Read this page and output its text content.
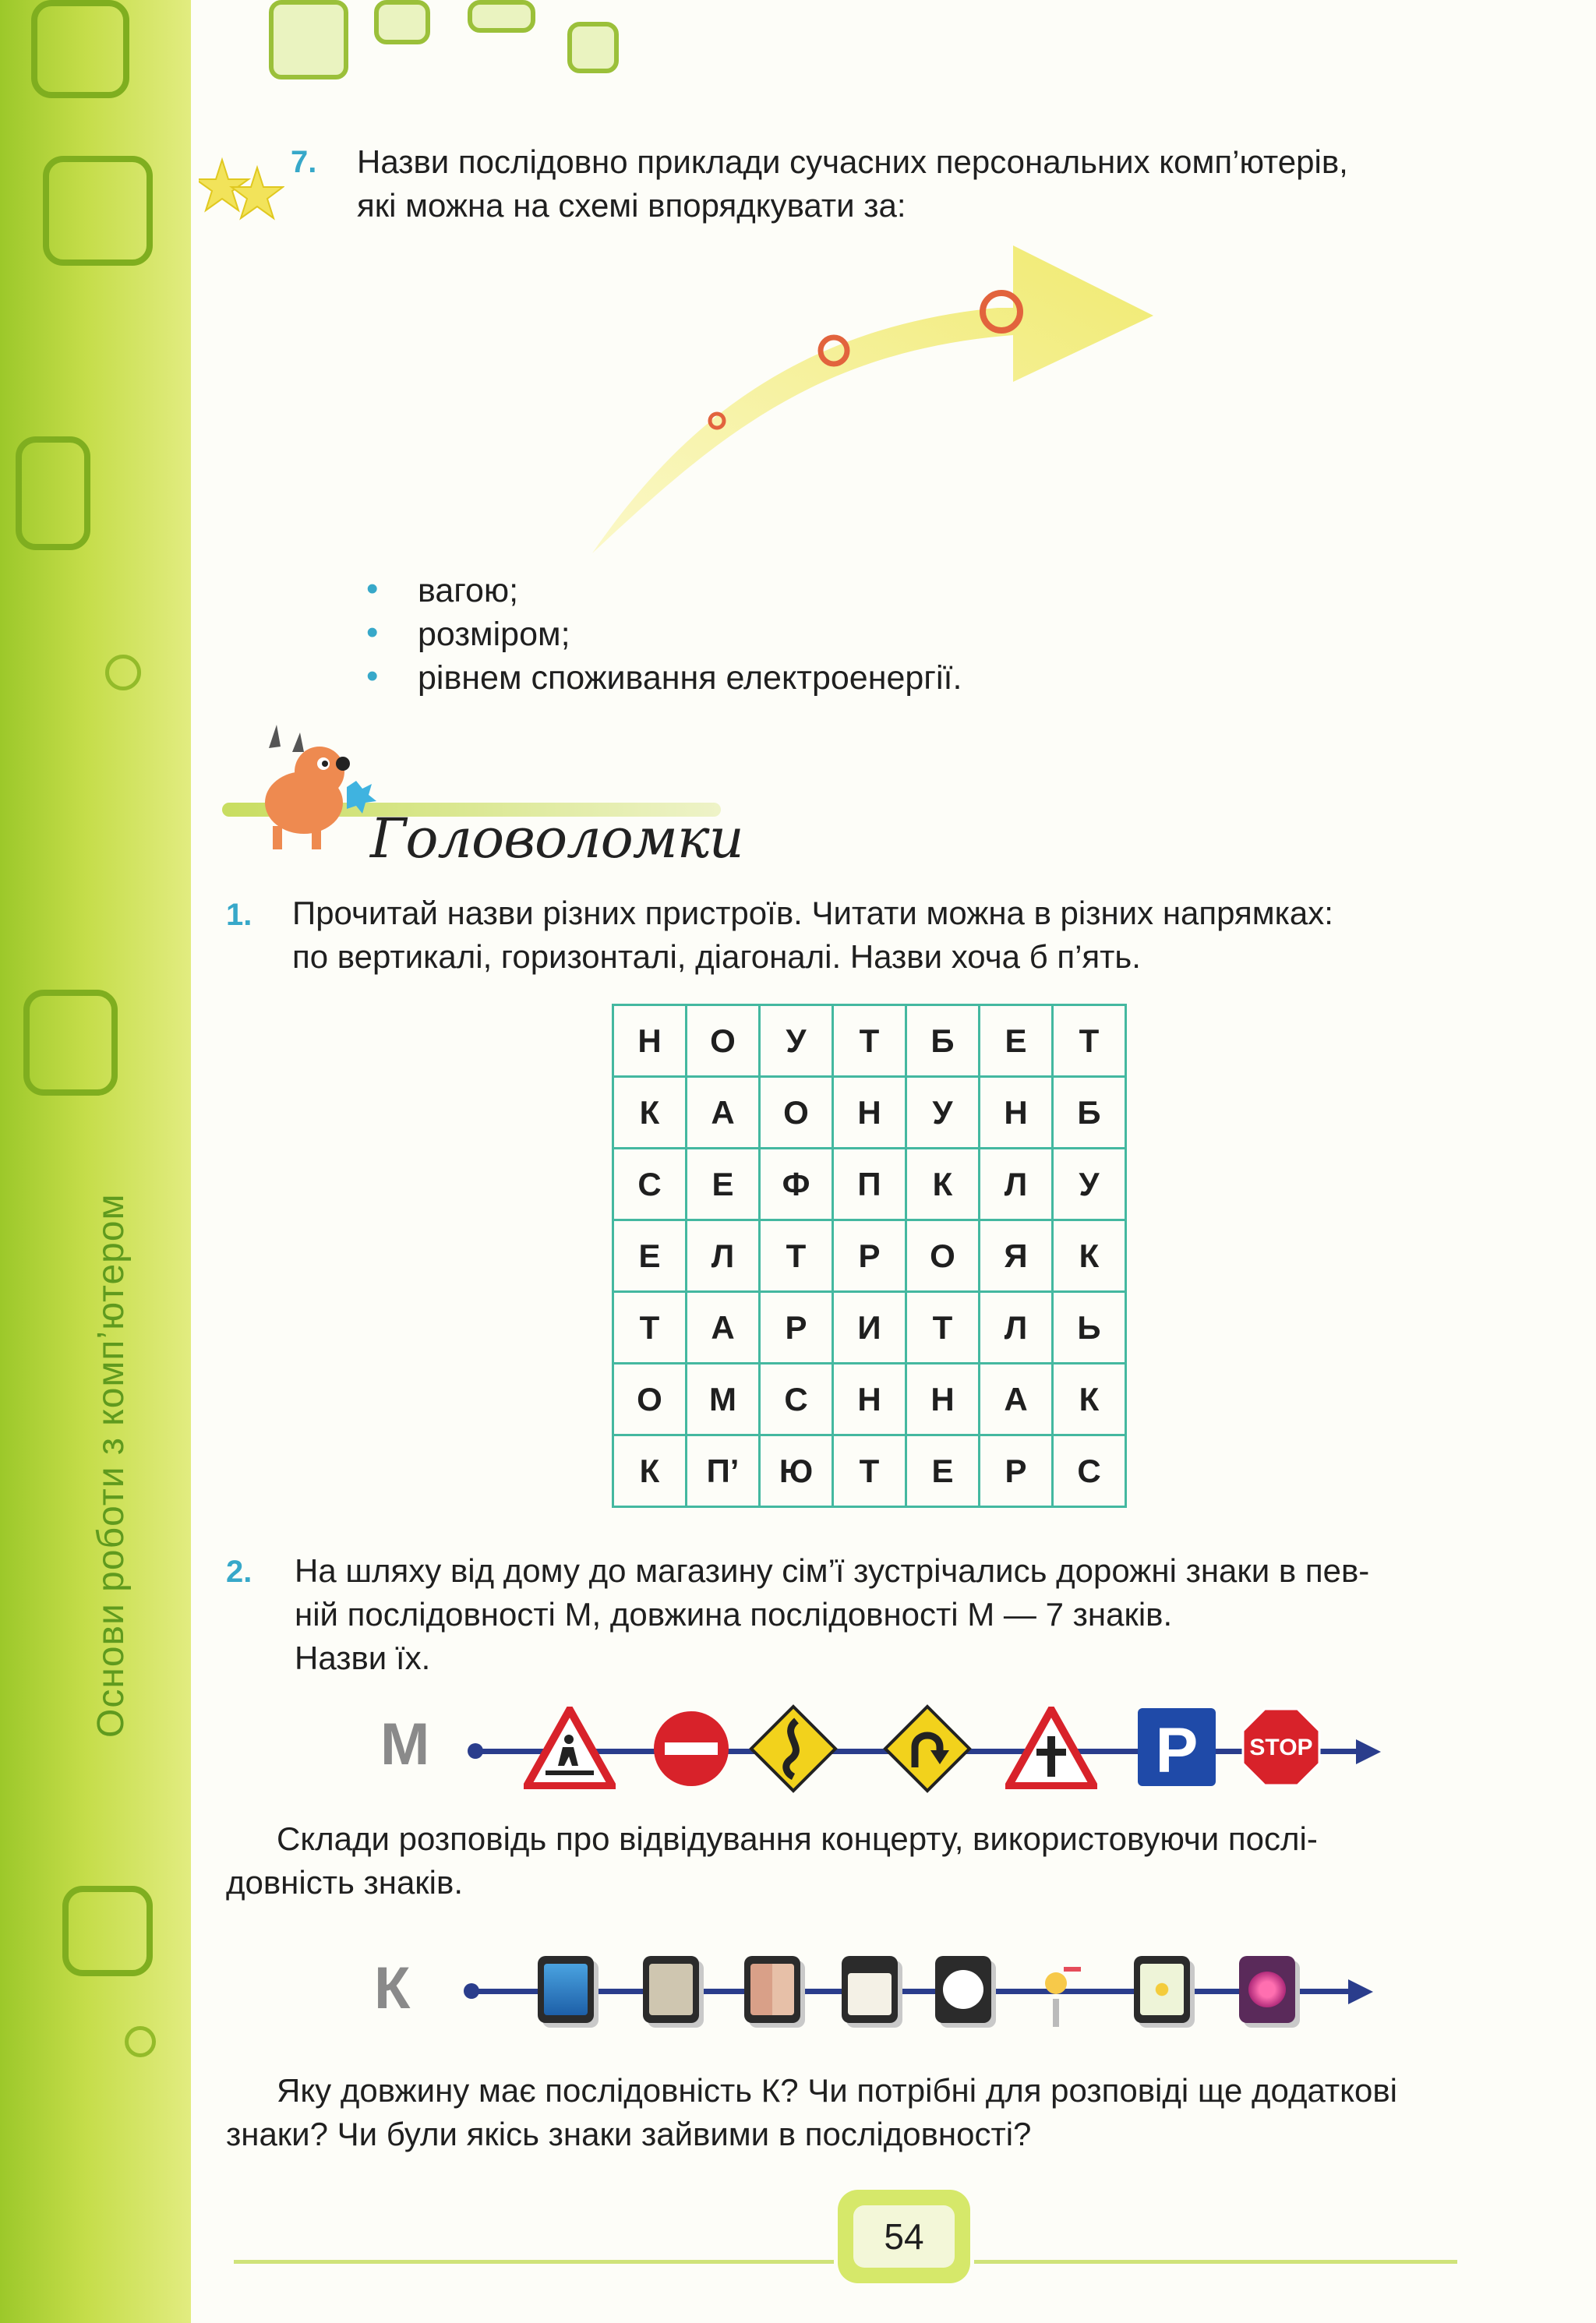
Основи роботи з комп’ютером
7. Назви послідовно приклади сучасних персональних комп’ютерів,
які можна на схемі впорядкувати за:
• вагою;
• розміром;
• рівнем споживання електроенергії.
Головоломки
1. Прочитай назви різних пристроїв. Читати можна в різних напрямках:
по вертикалі, горизонталі, діагоналі. Назви хоча б п’ять.
Н	О	У	Т	Б	Е	Т
К	А	О	Н	У	Н	Б
С	Е	Ф	П	К	Л	У
Е	Л	Т	Р	О	Я	К
Т	А	Р	И	Т	Л	Ь
О	М	С	Н	Н	А	К
К	П’	Ю	Т	Е	Р	С
2. На шляху від дому до магазину сім’ї зустрічались дорожні знаки в пев-
ній послідовності М, довжина послідовності М — 7 знаків.
Назви їх.
М	P STOP
Склади розповідь про відвідування концерту, використовуючи послі-
довність знаків.
К
Яку довжину має послідовність К? Чи потрібні для розповіді ще додаткові
знаки? Чи були якісь знаки зайвими в послідовності?
54
